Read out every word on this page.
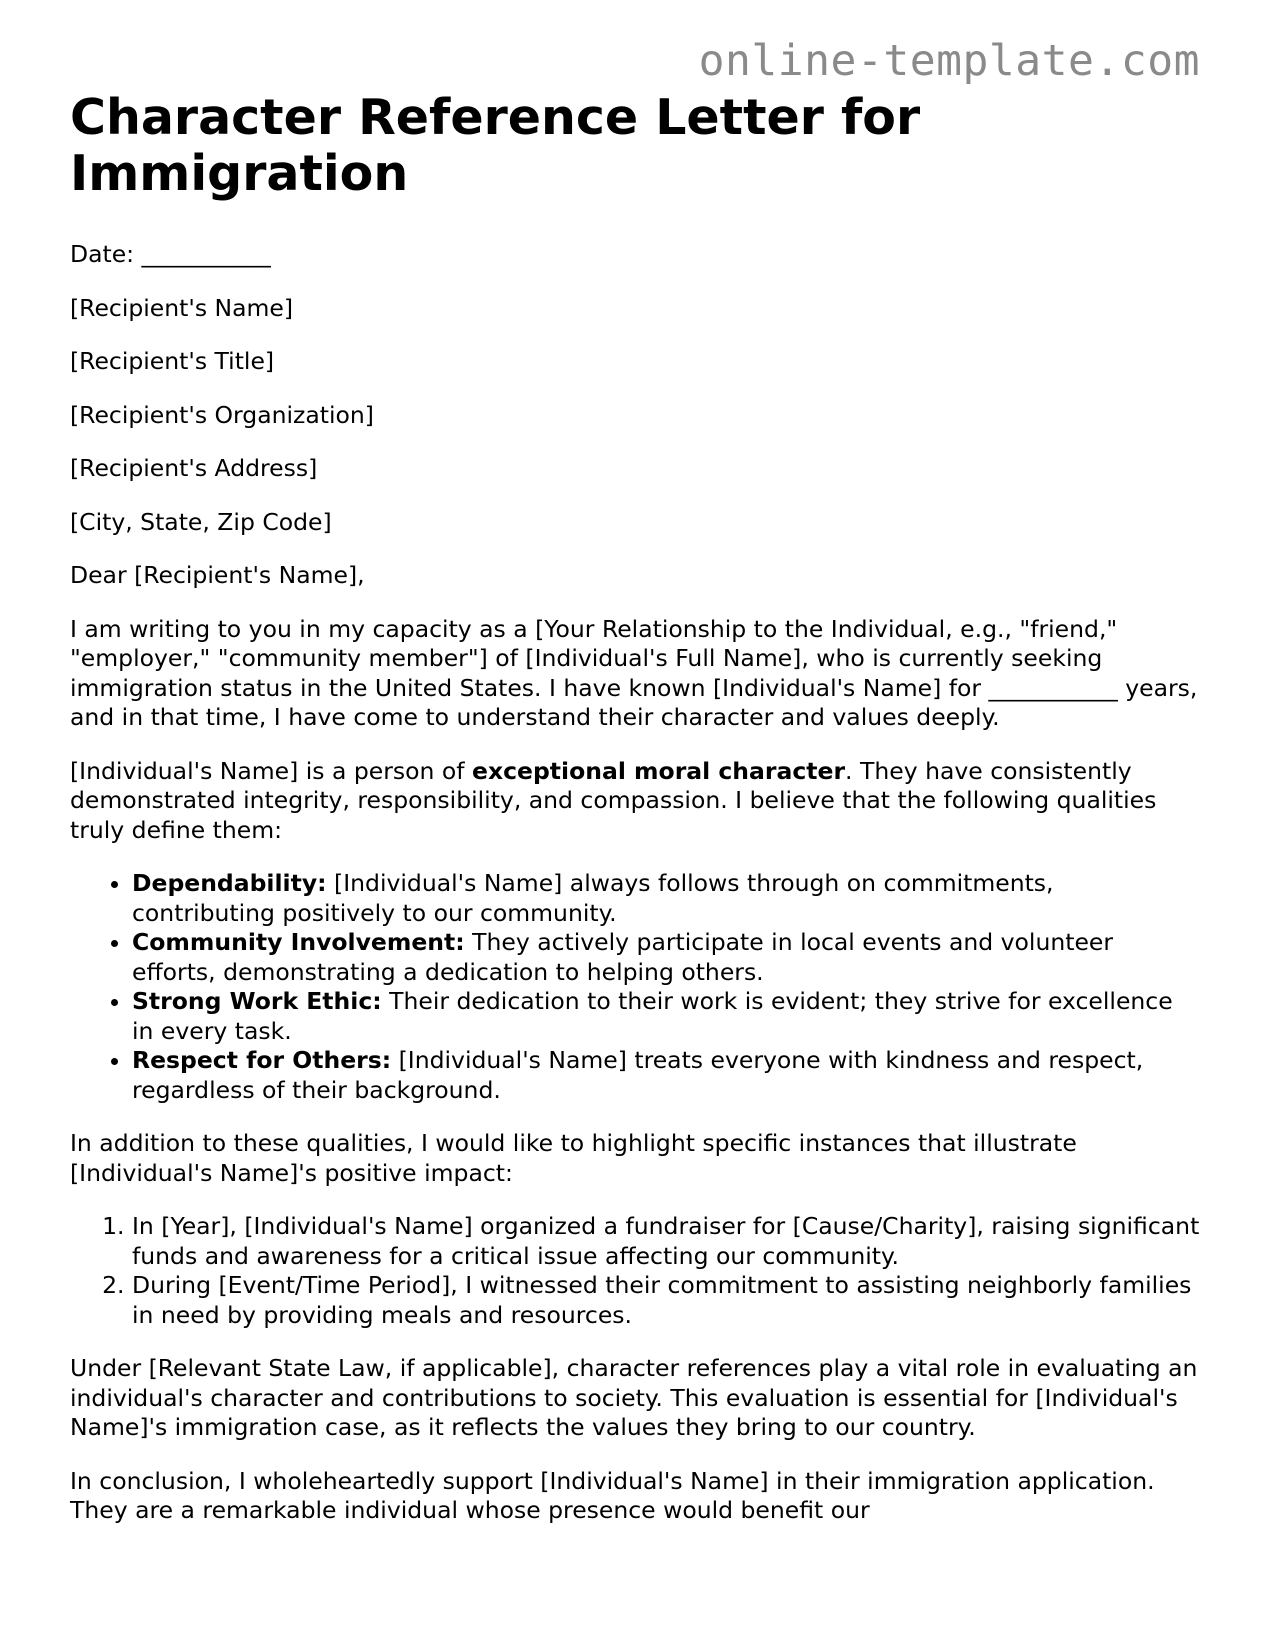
online-template.com
Character Reference Letter for Immigration

Date: ___________

[Recipient's Name]

[Recipient's Title]

[Recipient's Organization]

[Recipient's Address]

[City, State, Zip Code]

Dear [Recipient's Name],

I am writing to you in my capacity as a [Your Relationship to the Individual, e.g., "friend," "employer," "community member"] of [Individual's Full Name], who is currently seeking immigration status in the United States. I have known [Individual's Name] for ___________ years, and in that time, I have come to understand their character and values deeply.

[Individual's Name] is a person of exceptional moral character. They have consistently demonstrated integrity, responsibility, and compassion. I believe that the following qualities truly define them:

• Dependability: [Individual's Name] always follows through on commitments, contributing positively to our community.
• Community Involvement: They actively participate in local events and volunteer efforts, demonstrating a dedication to helping others.
• Strong Work Ethic: Their dedication to their work is evident; they strive for excellence in every task.
• Respect for Others: [Individual's Name] treats everyone with kindness and respect, regardless of their background.

In addition to these qualities, I would like to highlight specific instances that illustrate [Individual's Name]'s positive impact:

1. In [Year], [Individual's Name] organized a fundraiser for [Cause/Charity], raising significant funds and awareness for a critical issue affecting our community.
2. During [Event/Time Period], I witnessed their commitment to assisting neighborly families in need by providing meals and resources.

Under [Relevant State Law, if applicable], character references play a vital role in evaluating an individual's character and contributions to society. This evaluation is essential for [Individual's Name]'s immigration case, as it reflects the values they bring to our country.

In conclusion, I wholeheartedly support [Individual's Name] in their immigration application. They are a remarkable individual whose presence would benefit our
